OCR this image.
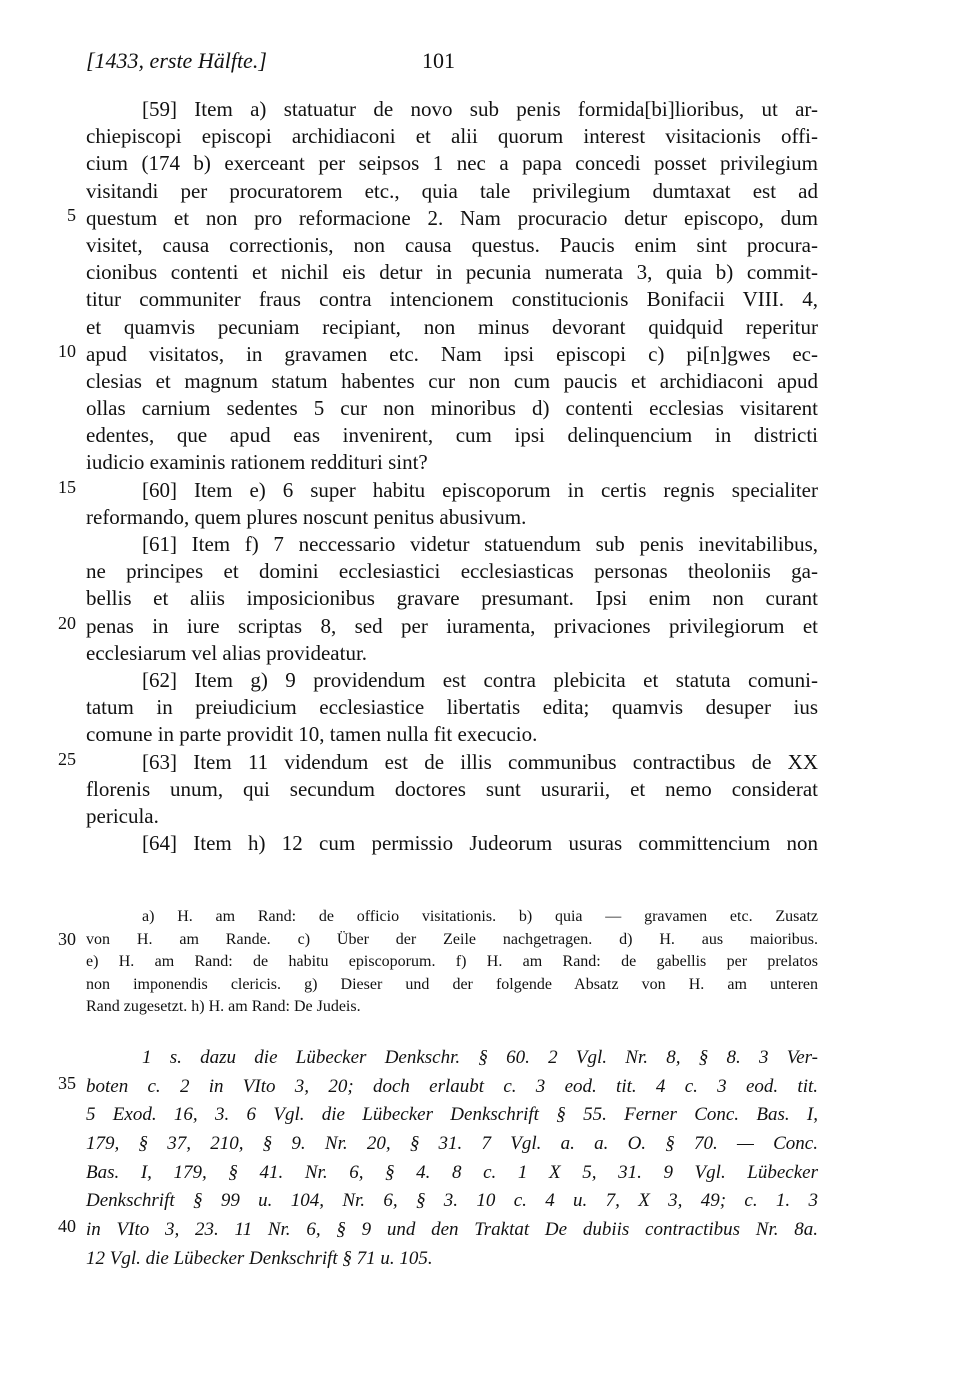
[1433, erste Hälfte.]	101
[59] Item a) statuatur de novo sub penis formida[bi]lioribus, ut ar-
chiepiscopi episcopi archidiaconi et alii quorum interest visitacionis offi-
cium (174 b) exerceant per seipsos 1 nec a papa concedi posset privilegium
visitandi per procuratorem etc., quia tale privilegium dumtaxat est ad
5 questum et non pro reformacione 2. Nam procuracio detur episcopo, dum
visitet, causa correctionis, non causa questus. Paucis enim sint procura-
cionibus contenti et nichil eis detur in pecunia numerata 3, quia b) commit-
titur communiter fraus contra intencionem constitucionis Bonifacii VIII. 4,
et quamvis pecuniam recipiant, non minus devorant quidquid reperitur
10 apud visitatos, in gravamen etc. Nam ipsi episcopi c) pi[n]gwes ec-
clesias et magnum statum habentes cur non cum paucis et archidiaconi apud
ollas carnium sedentes 5 cur non minoribus d) contenti ecclesias visitarent
edentes, que apud eas invenirent, cum ipsi delinquencium in districti
iudicio examinis rationem reddituri sint?
15	[60] Item e) 6 super habitu episcoporum in certis regnis specialiter
reformando, quem plures noscunt penitus abusivum.
[61] Item f) 7 neccessario videtur statuendum sub penis inevitabilibus,
ne principes et domini ecclesiastici ecclesiasticas personas theoloniis ga-
bellis et aliis imposicionibus gravare presumant. Ipsi enim non curant
20 penas in iure scriptas 8, sed per iuramenta, privaciones privilegiorum et
ecclesiarum vel alias provideatur.
[62] Item g) 9 providendum est contra plebicita et statuta comuni-
tatum in preiudicium ecclesiastice libertatis edita; quamvis desuper ius
comune in parte providit 10, tamen nulla fit execucio.
25	[63] Item 11 videndum est de illis communibus contractibus de XX
florenis unum, qui secundum doctores sunt usurarii, et nemo considerat
pericula.
[64] Item h) 12 cum permissio Judeorum usuras committencium non
a) H. am Rand: de officio visitationis. b) quia — gravamen etc. Zusatz
30 von H. am Rande. c) Über der Zeile nachgetragen. d) H. aus maioribus.
e) H. am Rand: de habitu episcoporum. f) H. am Rand: de gabellis per prelatos
non imponendis clericis. g) Dieser und der folgende Absatz von H. am unteren
Rand zugesetzt. h) H. am Rand: De Judeis.
1 s. dazu die Lübecker Denkschr. § 60. 2 Vgl. Nr. 8, § 8. 3 Ver-
35 boten c. 2 in VIto 3, 20; doch erlaubt c. 3 eod. tit. 4 c. 3 eod. tit.
5 Exod. 16, 3. 6 Vgl. die Lübecker Denkschrift § 55. Ferner Conc. Bas. I,
179, § 37, 210, § 9. Nr. 20, § 31. 7 Vgl. a. a. O. § 70. — Conc.
Bas. I, 179, § 41. Nr. 6, § 4. 8 c. 1 X 5, 31. 9 Vgl. Lübecker
Denkschrift § 99 u. 104, Nr. 6, § 3. 10 c. 4 u. 7, X 3, 49; c. 1. 3
40 in VIto 3, 23. 11 Nr. 6, § 9 und den Traktat De dubiis contractibus Nr. 8a.
12 Vgl. die Lübecker Denkschrift § 71 u. 105.
